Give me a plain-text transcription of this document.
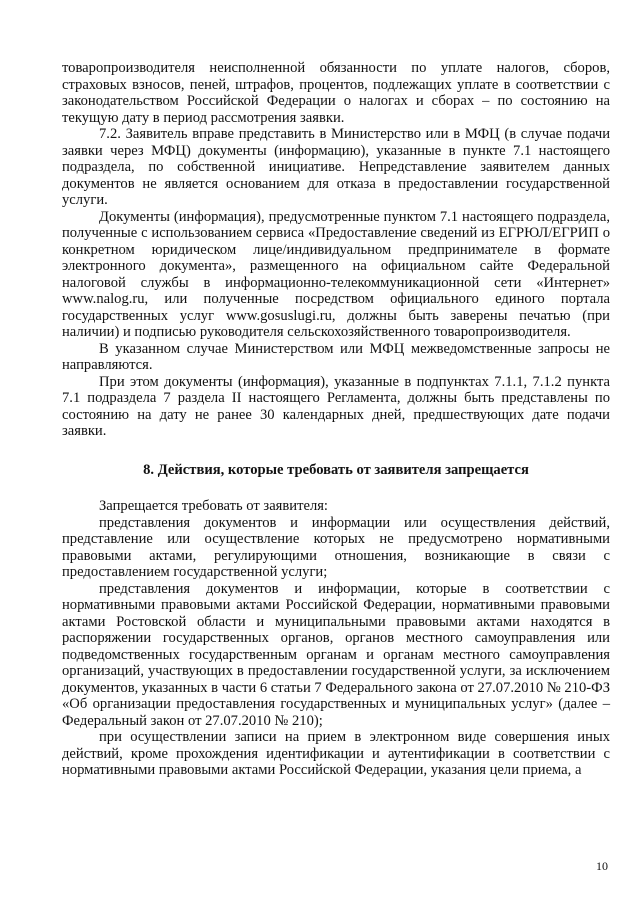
товаропроизводителя неисполненной обязанности по уплате налогов, сборов, страховых взносов, пеней, штрафов, процентов, подлежащих уплате в соответствии с законодательством Российской Федерации о налогах и сборах – по состоянию на текущую дату в период рассмотрения заявки.

7.2. Заявитель вправе представить в Министерство или в МФЦ (в случае подачи заявки через МФЦ) документы (информацию), указанные в пункте 7.1 настоящего подраздела, по собственной инициативе. Непредставление заявителем данных документов не является основанием для отказа в предоставлении государственной услуги.

Документы (информация), предусмотренные пунктом 7.1 настоящего подраздела, полученные с использованием сервиса «Предоставление сведений из ЕГРЮЛ/ЕГРИП о конкретном юридическом лице/индивидуальном предпринимателе в формате электронного документа», размещенного на официальном сайте Федеральной налоговой службы в информационно-телекоммуникационной сети «Интернет» www.nalog.ru, или полученные посредством официального единого портала государственных услуг www.gosuslugi.ru, должны быть заверены печатью (при наличии) и подписью руководителя сельскохозяйственного товаропроизводителя.

В указанном случае Министерством или МФЦ межведомственные запросы не направляются.

При этом документы (информация), указанные в подпунктах 7.1.1, 7.1.2 пункта 7.1 подраздела 7 раздела II настоящего Регламента, должны быть представлены по состоянию на дату не ранее 30 календарных дней, предшествующих дате подачи заявки.

8. Действия, которые требовать от заявителя запрещается

Запрещается требовать от заявителя:

представления документов и информации или осуществления действий, представление или осуществление которых не предусмотрено нормативными правовыми актами, регулирующими отношения, возникающие в связи с предоставлением государственной услуги;

представления документов и информации, которые в соответствии с нормативными правовыми актами Российской Федерации, нормативными правовыми актами Ростовской области и муниципальными правовыми актами находятся в распоряжении государственных органов, органов местного самоуправления или подведомственных государственным органам и органам местного самоуправления организаций, участвующих в предоставлении государственной услуги, за исключением документов, указанных в части 6 статьи 7 Федерального закона от 27.07.2010 № 210-ФЗ «Об организации предоставления государственных и муниципальных услуг» (далее – Федеральный закон от 27.07.2010 № 210);

при осуществлении записи на прием в электронном виде совершения иных действий, кроме прохождения идентификации и аутентификации в соответствии с нормативными правовыми актами Российской Федерации, указания цели приема, а

10
